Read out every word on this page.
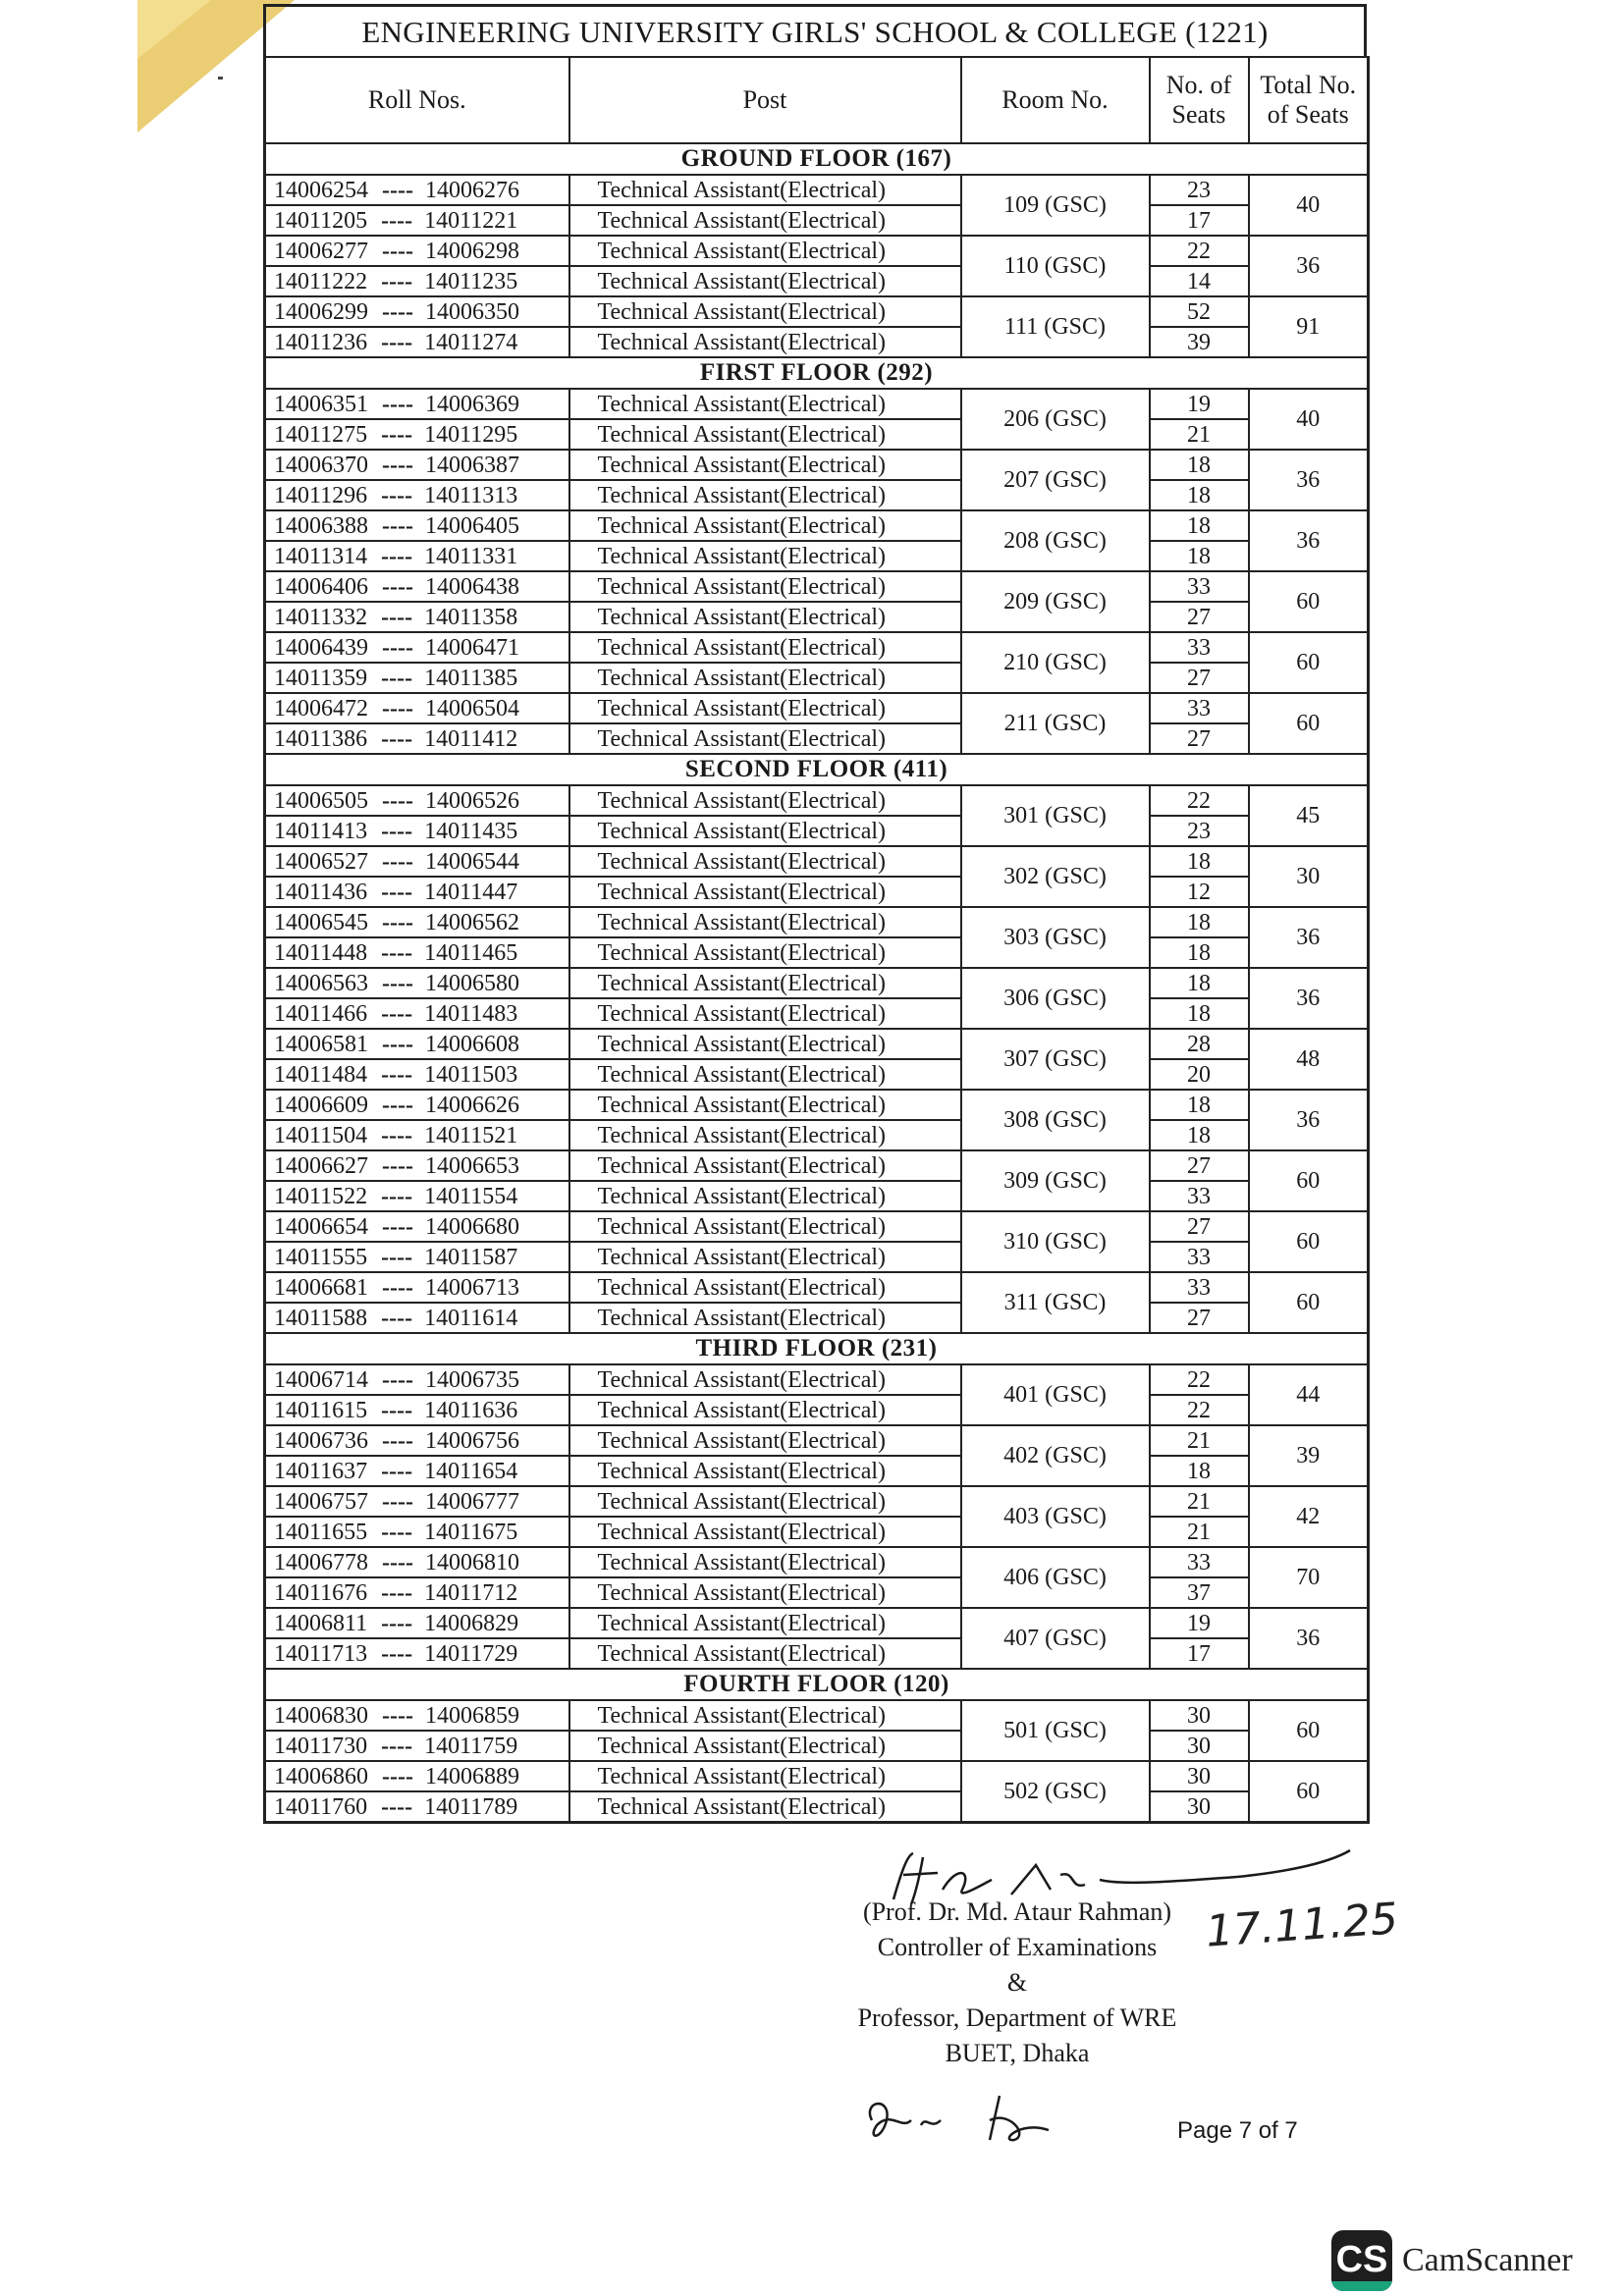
ENGINEERING UNIVERSITY GIRLS' SCHOOL & COLLEGE (1221)
Roll Nos.	Post	Room No.	No. of Seats	Total No. of Seats
GROUND FLOOR (167)				
14006254 ---- 14006276	Technical Assistant(Electrical)	109 (GSC)	23	40
14011205 ---- 14011221	Technical Assistant(Electrical)		17	
14006277 ---- 14006298	Technical Assistant(Electrical)	110 (GSC)	22	36
14011222 ---- 14011235	Technical Assistant(Electrical)		14	
14006299 ---- 14006350	Technical Assistant(Electrical)	111 (GSC)	52	91
14011236 ---- 14011274	Technical Assistant(Electrical)		39	
FIRST FLOOR (292)				
14006351 ---- 14006369	Technical Assistant(Electrical)	206 (GSC)	19	40
14011275 ---- 14011295	Technical Assistant(Electrical)		21	
14006370 ---- 14006387	Technical Assistant(Electrical)	207 (GSC)	18	36
14011296 ---- 14011313	Technical Assistant(Electrical)		18	
14006388 ---- 14006405	Technical Assistant(Electrical)	208 (GSC)	18	36
14011314 ---- 14011331	Technical Assistant(Electrical)		18	
14006406 ---- 14006438	Technical Assistant(Electrical)	209 (GSC)	33	60
14011332 ---- 14011358	Technical Assistant(Electrical)		27	
14006439 ---- 14006471	Technical Assistant(Electrical)	210 (GSC)	33	60
14011359 ---- 14011385	Technical Assistant(Electrical)		27	
14006472 ---- 14006504	Technical Assistant(Electrical)	211 (GSC)	33	60
14011386 ---- 14011412	Technical Assistant(Electrical)		27	
SECOND FLOOR (411)				
14006505 ---- 14006526	Technical Assistant(Electrical)	301 (GSC)	22	45
14011413 ---- 14011435	Technical Assistant(Electrical)		23	
14006527 ---- 14006544	Technical Assistant(Electrical)	302 (GSC)	18	30
14011436 ---- 14011447	Technical Assistant(Electrical)		12	
14006545 ---- 14006562	Technical Assistant(Electrical)	303 (GSC)	18	36
14011448 ---- 14011465	Technical Assistant(Electrical)		18	
14006563 ---- 14006580	Technical Assistant(Electrical)	306 (GSC)	18	36
14011466 ---- 14011483	Technical Assistant(Electrical)		18	
14006581 ---- 14006608	Technical Assistant(Electrical)	307 (GSC)	28	48
14011484 ---- 14011503	Technical Assistant(Electrical)		20	
14006609 ---- 14006626	Technical Assistant(Electrical)	308 (GSC)	18	36
14011504 ---- 14011521	Technical Assistant(Electrical)		18	
14006627 ---- 14006653	Technical Assistant(Electrical)	309 (GSC)	27	60
14011522 ---- 14011554	Technical Assistant(Electrical)		33	
14006654 ---- 14006680	Technical Assistant(Electrical)	310 (GSC)	27	60
14011555 ---- 14011587	Technical Assistant(Electrical)		33	
14006681 ---- 14006713	Technical Assistant(Electrical)	311 (GSC)	33	60
14011588 ---- 14011614	Technical Assistant(Electrical)		27	
THIRD FLOOR (231)				
14006714 ---- 14006735	Technical Assistant(Electrical)	401 (GSC)	22	44
14011615 ---- 14011636	Technical Assistant(Electrical)		22	
14006736 ---- 14006756	Technical Assistant(Electrical)	402 (GSC)	21	39
14011637 ---- 14011654	Technical Assistant(Electrical)		18	
14006757 ---- 14006777	Technical Assistant(Electrical)	403 (GSC)	21	42
14011655 ---- 14011675	Technical Assistant(Electrical)		21	
14006778 ---- 14006810	Technical Assistant(Electrical)	406 (GSC)	33	70
14011676 ---- 14011712	Technical Assistant(Electrical)		37	
14006811 ---- 14006829	Technical Assistant(Electrical)	407 (GSC)	19	36
14011713 ---- 14011729	Technical Assistant(Electrical)		17	
FOURTH FLOOR (120)				
14006830 ---- 14006859	Technical Assistant(Electrical)	501 (GSC)	30	60
14011730 ---- 14011759	Technical Assistant(Electrical)		30	
14006860 ---- 14006889	Technical Assistant(Electrical)	502 (GSC)	30	60
14011760 ---- 14011789	Technical Assistant(Electrical)		30	
(Prof. Dr. Md. Ataur Rahman)
Controller of Examinations
&
Professor, Department of WRE
BUET, Dhaka
17.11.25
Page 7 of 7
CS CamScanner
